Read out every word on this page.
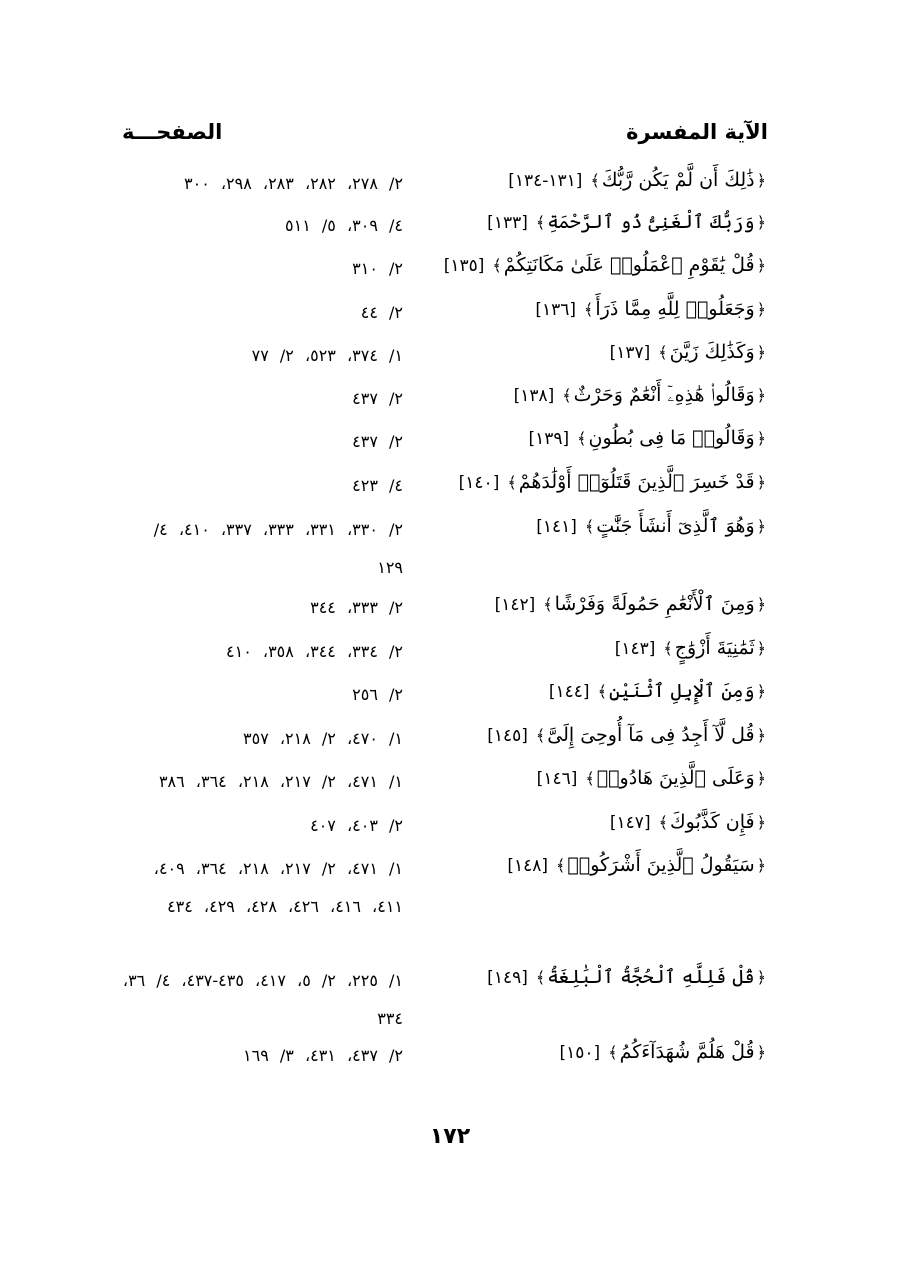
الآية المفسرة
الصفحـــة
﴿ذَٰلِكَ أَن لَّمْ يَكُن رَّبُّكَ﴾[١٣١-١٣٤]
٢/ ٢٧٨، ٢٨٢، ٢٨٣، ٢٩٨، ٣٠٠
﴿وَرَبُّكَ ٱلْغَنِىُّ ذُو ٱلرَّحْمَةِ﴾[١٣٣]
٤/ ٣٠٩، ٥/ ٥١١
﴿قُلْ يَٰقَوْمِ ٱعْمَلُوا۟ عَلَىٰ مَكَانَتِكُمْ﴾[١٣٥]
٢/ ٣١٠
﴿وَجَعَلُوا۟ لِلَّهِ مِمَّا ذَرَأَ﴾[١٣٦]
٢/ ٤٤
﴿وَكَذَٰلِكَ زَيَّنَ﴾[١٣٧]
١/ ٣٧٤، ٥٢٣، ٢/ ٧٧
﴿وَقَالُوا۟ هَٰذِهِۦٓ أَنْعَٰمٌ وَحَرْثٌ﴾[١٣٨]
٢/ ٤٣٧
﴿وَقَالُوا۟ مَا فِى بُطُونِ﴾[١٣٩]
٢/ ٤٣٧
﴿قَدْ خَسِرَ ٱلَّذِينَ قَتَلُوٓا۟ أَوْلَٰدَهُمْ﴾[١٤٠]
٤/ ٤٢٣
﴿وَهُوَ ٱلَّذِىٓ أَنشَأَ جَنَّٰتٍ﴾[١٤١]
٢/ ٣٣٠، ٣٣١، ٣٣٣، ٣٣٧، ٤١٠، ٤/ ١٢٩
﴿وَمِنَ ٱلْأَنْعَٰمِ حَمُولَةً وَفَرْشًا﴾[١٤٢]
٢/ ٣٣٣، ٣٤٤
﴿ثَمَٰنِيَةَ أَزْوَٰجٍ﴾[١٤٣]
٢/ ٣٣٤، ٣٤٤، ٣٥٨، ٤١٠
﴿وَمِنَ ٱلْإِبِلِ ٱثْنَيْنِ﴾[١٤٤]
٢/ ٢٥٦
﴿قُل لَّآ أَجِدُ فِى مَآ أُوحِىَ إِلَىَّ﴾[١٤٥]
١/ ٤٧٠، ٢/ ٢١٨، ٣٥٧
﴿وَعَلَى ٱلَّذِينَ هَادُوا۟﴾[١٤٦]
١/ ٤٧١، ٢/ ٢١٧، ٢١٨، ٣٦٤، ٣٨٦
﴿فَإِن كَذَّبُوكَ﴾[١٤٧]
٢/ ٤٠٣، ٤٠٧
﴿سَيَقُولُ ٱلَّذِينَ أَشْرَكُوا۟﴾[١٤٨]
١/ ٤٧١، ٢/ ٢١٧، ٢١٨، ٣٦٤، ٤٠٩، ٤١١، ٤١٦، ٤٢٦، ٤٢٨، ٤٢٩، ٤٣٤
﴿قُلْ فَلِلَّهِ ٱلْحُجَّةُ ٱلْبَٰلِغَةُ﴾[١٤٩]
١/ ٢٢٥، ٢/ ٥، ٤١٧، ٤٣٥-٤٣٧، ٤/ ٣٦، ٣٣٤
﴿قُلْ هَلُمَّ شُهَدَآءَكُمُ﴾[١٥٠]
٢/ ٤٣٧، ٤٣١، ٣/ ١٦٩
١٧٢
